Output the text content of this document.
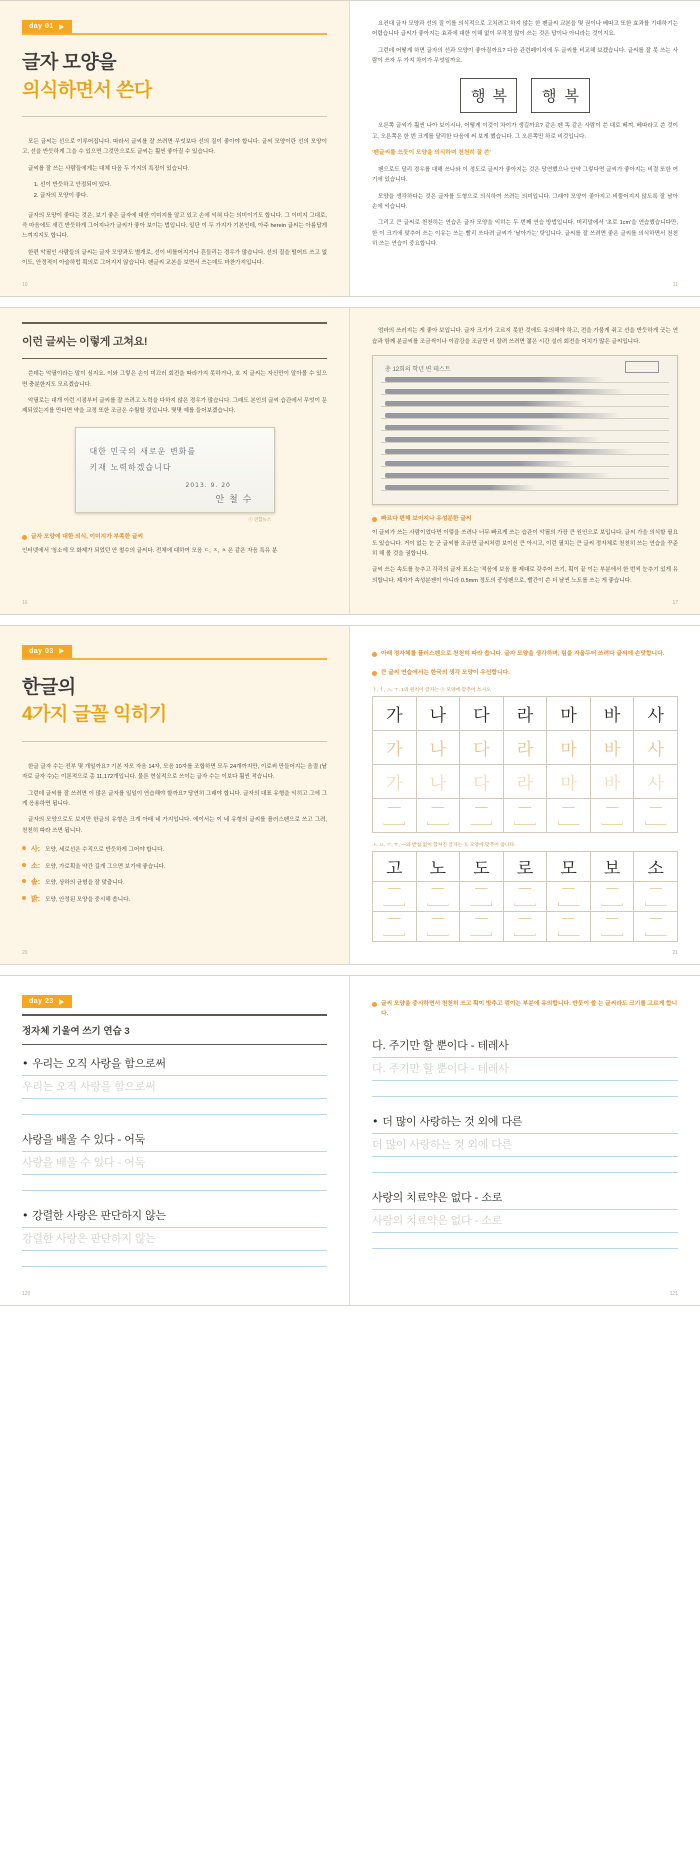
day 01
글자 모양을
의식하면서 쓴다

모든 글씨는 선으로 이루어집니다. 따라서 글씨를 잘 쓰려면 무엇보다 선의 질이 좋아야 합니다. 글씨 모양이란 선의 모양이고, 선을 반듯하게 그을 수 있으면 그것만으로도 글씨는 훨씬 좋아질 수 있습니다.

글씨를 잘 쓰는 사람들에게는 대체 다음 두 가지의 특징이 있습니다.

1. 선이 반듯하고 안정되어 있다.
2. 글자의 모양이 좋다.

글자의 모양이 좋다는 것은, 보기 좋은 글자에 대한 이미지를 알고 있고 손에 익혀 다는 의미이기도 합니다. 그 이미지 그대로, 즉 마음에도 새긴 반듯하게 그어지나가 글씨가 좋아 보이는 법입니다. 일단 이 두 가지가 기본인데, 아주 herein 글씨는 아름답게 느껴지지도 합니다.

한편 악필인 사람들의 글씨는 글자 모양과도 별개로, 선이 비틀어지거나 흔들리는 경우가 많습니다. 선의 질을 떨어뜨 쓰고 없이도, 안정적이 아슬하럽 획의로 그어지지 않습니다. 펜글씨 교본을 보면서 쓰는데도 마찬가지입니다.

10

요컨대 글자 모양과 선의 질 이를 의식적으로 고치려고 하지 않는 한 펜글씨 교본을 몇 권이나 베따고 또한 효과를 기대하기는 어렵습니다 글씨가 좋아지는 효과에 대한 이해 없이 무작정 많이 쓰는 것은 답이나 아니라는 것이지요.

그런데 어떻게 하면 글자의 선과 모양이 좋아질까요? 다음 관련페이지에 두 글씨를 비교해 보겠습니다. 글씨를 잘 못 쓰는 사람이 쓰자 두 가지 차이가 무엇일까요.

행 복 행 복

오른쪽 글씨가 훨씬 나아 보이시나, 어떻게 이것이 차이가 생길까요? 같은 펜 똑 같은 사람이 쓴 대로 베껴. 베따라고 쓴 것이고, 오른쪽은 한 번 크게를 달리한 다음에 써 보게 했습니다. 그 오른쪽만 하로 비것입니다.

'펜글씨를 쓰듯이 모양을 의식하며 천천히 잘 쓴'

펜으로도 달리 경우를 대해 쓰나와 이 정도로 글씨가 좋아지는 것은 당연했으나 안약 그렇다면 글씨가 좋아지는 비결 또한 여기에 있습니다.

모양을 생각하다는 것은 글자를 도형으로 의식하여 쓰려는 의미입니다. 그래야 모양이 좋아지고 비뚤어지지 않도록 잘 남아 손에 익습니다.

그리고 큰 글씨로 천천히는 연습은 글자 모양을 익히는 두 번째 연습 방법입니다. 머리말에서 '초로 1cm'을 연습했습니다만, 한 이 크기에 맞추어 쓰는 이유는 쓰는 빨리 쓰다려 글씨가 '날아가는' 탓입니다. 글씨를 잘 쓰려면 좋은 글씨를 의식하면서 천천히 쓰는 연습이 중요합니다.

11
이런 글씨는 이렇게 고쳐요!

쓴데는 악필이라는 말이 심지요. 이와 그렇은 손이 미끄러 회전을 따라가지 못하거나, 호 지 글씨는 자신만이 알아볼 수 있으면 충분한지도 모르겠습니다.

악필로는 대개 이런 시점부터 글씨를 잘 쓰려고 노력을 다하지 않은 경우가 많습니다. 그래도 본인의 글씨 습관에서 무엇이 문제되었는지를 만다면 약을 교정 또한 조금은 수월할 것입니다. 몇몇 예를 들어보겠습니다.

대한 민국의 새로운 변화를
키재 노력하겠습니다
2013. 9. 20
안 철 수
ⓒ 연합뉴스
글자 모양에 대한 의식, 이미지가 부족한 글씨

인터넷에서 '청소에 모 화제가 되었던 안 철수의 글씨다. 전체에 대하여 모음 ㄷ, ㅈ, ㅊ 은 같은 자음 특유 분

16

엄마의 쓰러지는 게 좋아 보입니다. 글자 크기가 고르지 못한 것에도 유의해야 하고, 전을 가뭄게 쥐고 선을 반듯하게 긋는 연습과 함께 분글씨를 조금씩이나 이감강을 조금만 더 잘려 쓰려면 젊은 시간 설러 회전을 어치가 많은 글씨입니다.

총 12회의 학년 변 테스트
빠르다 편해 보이지나 유성분한 글씨

이 글씨가 쓰는 사람이었다면 이렇을 쓰려나 너무 빠르게 쓰는 습관이 악필의 가장 큰 원인으로 보입니다. 글씨 가을 의식할 필요도 있습니다. 거이 없는 눈 군 글씨를 조금만 글씨처럼 보이신 큰 아시고, 이런 필치는 큰 글씨 정자체로 천천히 쓰는 연습을 꾸준히 해 볼 것을 권합니다.

글씨 쓰는 속도를 늦추고 각각의 글자 표소는 '적음에 보음 를 제대로 갖추어 쓰기, 획이 끝 이는 부분에서 한 번씩 눈추기 있게 유의합니다. 제자가 속성분젠이 아니라 0.5mm 정도의 중성펜으로, 빨간이 쓴 더 날씬 노트를 쓰는 게 좋습니다.

17
day 03
한글의
4가지 글꼴 익히기

한글 글자 수는 전부 몇 개일까요? 기본 자모 자음 14자, 모음 10자를 조합하면 모두 24개까지만, 이로써 만들어지는 음절 (낱자로 글자 수)는 이론적으로 총 11,172개입니다. 물론 현실적으로 쓰이는 글자 수는 이보다 훨씬 적습니다.

그런데 글씨를 잘 쓰려면 이 많은 글자를 일일이 연습해야 할까요? 당연히 그래야 합니다. 글자의 대표 유형을 익히고 그에 그게 응용하면 됩니다.

글자의 모양으로도 보지만 한글의 유형은 크게 아래 네 가지입니다. 에이서는 이 네 유형의 글씨를 플러스펜으로 쓰고 그려, 천천히 따라 쓰면 됩니다.

사: 모양, 세로선은 수직으로 반듯하게 그어야 합니다.
소: 모양, 가로획을 약간 길게 그으면 보기에 좋습니다.
솔: 모양, 상하의 균형을 잘 맞춥니다.
밝: 모양, 안정된 모양을 중시해 씁니다.
20
아래 정자체를 플러스펜으로 천천히 따라 씁니다. 글자 모양을 생각하며, 팀을 지웁두터 쓰려다 글씨에 손맛합니다.
큰 글씨 연습에서는 한국의 생각 모양이 우선합니다.
ㅏ, ㅓ, ㅗ, ㅜ, 1의 원칙이 글자는 ⓐ 모양에 맞추어 쓰시오
가	나	다	라	마	바	사
가	나	다	라	마	바	사
가	나	다	라	마	바	사

ㅗ, ㅛ, ㅜ, ㅠ, —와 받침 없이 합쳐진 글자는 ⓑ 모양에 맞추어 씁니다.
고	노	도	로	모	보	소

21
day 23
정자체 기울여 쓰기 연습 3
• 우리는 오직 사랑을 함으로써
우리는 오직 사랑을 함으로써
사랑을 배울 수 있다 - 어둑
사랑을 배울 수 있다 - 어둑
• 강렬한 사랑은 판단하지 않는
강렬한 사랑은 판단하지 않는
120
글씨 모양을 중시하면서 천천히 쓰고 획이 방추고 꺾이는 부분에 유의합니다. 반듯이 쓸 는 글씨라도 크기를 고르게 합니다.
다. 주기만 할 뿐이다 - 테레사
다. 주기만 할 뿐이다 - 테레사
• 더 많이 사랑하는 것 외에 다른
더 많이 사랑하는 것 외에 다른
사랑의 치료약은 없다 - 소로
사랑의 치료약은 없다 - 소로
121
